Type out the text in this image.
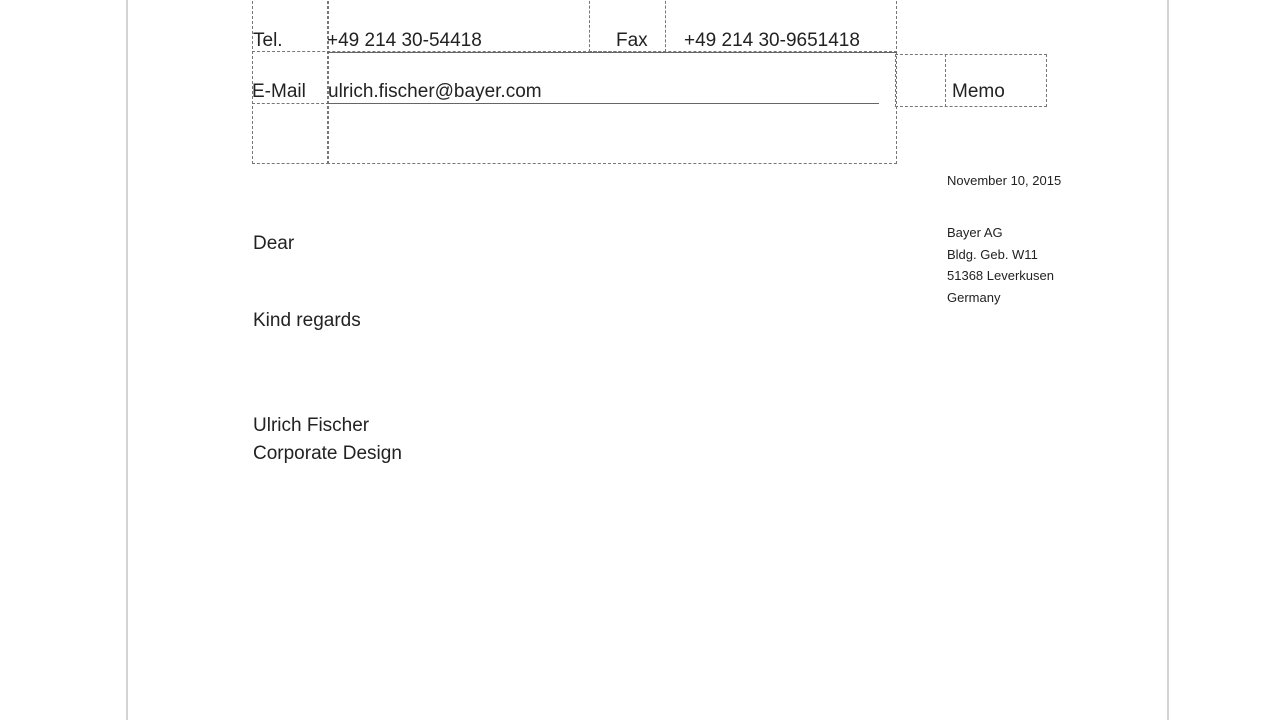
Tel. +49 214 30-54418	Fax +49 214 30-9651418
E-Mail ulrich.fischer@bayer.com	Memo
November 10, 2015
Bayer AG
Bldg. Geb. W11
51368 Leverkusen
Germany
Dear
Kind regards
Ulrich Fischer
Corporate Design
